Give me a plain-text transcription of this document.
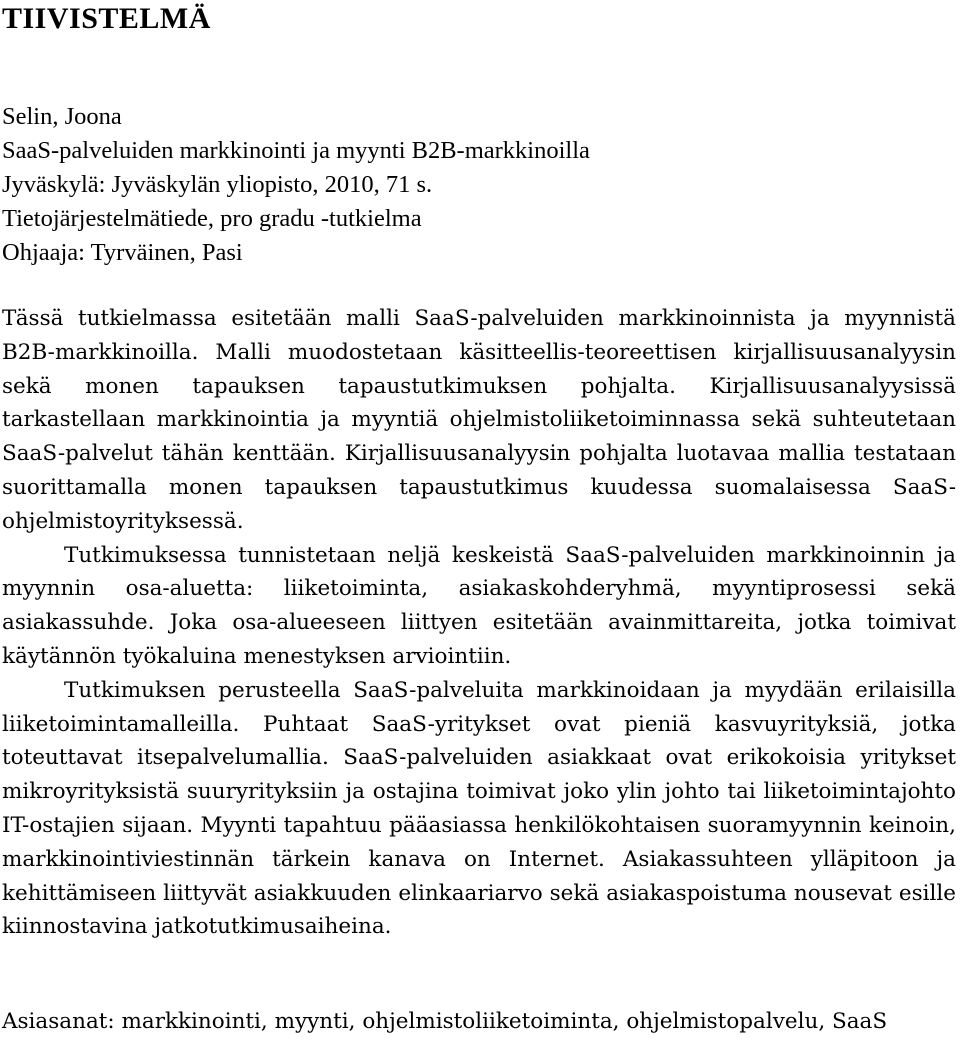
TIIVISTELMÄ
Selin, Joona
SaaS-palveluiden markkinointi ja myynti B2B-markkinoilla
Jyväskylä: Jyväskylän yliopisto, 2010, 71 s.
Tietojärjestelmätiede, pro gradu -tutkielma
Ohjaaja: Tyrväinen, Pasi

Tässä tutkielmassa esitetään malli SaaS-palveluiden markkinoinnista ja myynnistä B2B-markkinoilla. Malli muodostetaan käsitteellis-teoreettisen kirjallisuusanalyysin sekä monen tapauksen tapaustutkimuksen pohjalta. Kirjallisuusanalyysissä tarkastellaan markkinointia ja myyntiä ohjelmistoliiketoiminnassa sekä suhteutetaan SaaS-palvelut tähän kenttään. Kirjallisuusanalyysin pohjalta luotavaa mallia testataan suorittamalla monen tapauksen tapaustutkimus kuudessa suomalaisessa SaaS-ohjelmistoyrityksessä.

Tutkimuksessa tunnistetaan neljä keskeistä SaaS-palveluiden markkinoinnin ja myynnin osa-aluetta: liiketoiminta, asiakaskohderyhmä, myyntiprosessi sekä asiakassuhde. Joka osa-alueeseen liittyen esitetään avainmittareita, jotka toimivat käytännön työkaluina menestyksen arviointiin.

Tutkimuksen perusteella SaaS-palveluita markkinoidaan ja myydään erilaisilla liiketoimintamalleilla. Puhtaat SaaS-yritykset ovat pieniä kasvuyrityksiä, jotka toteuttavat itsepalvelumallia. SaaS-palveluiden asiakkaat ovat erikokoisia yritykset mikroyrityksistä suuryrityksiin ja ostajina toimivat joko ylin johto tai liiketoimintajohto IT-ostajien sijaan. Myynti tapahtuu pääasiassa henkilökohtaisen suoramyynnin keinoin, markkinointiviestinnän tärkein kanava on Internet. Asiakassuhteen ylläpitoon ja kehittämiseen liittyvät asiakkuuden elinkaariarvo sekä asiakaspoistuma nousevat esille kiinnostavina jatkotutkimusaiheina.

Asiasanat: markkinointi, myynti, ohjelmistoliiketoiminta, ohjelmistopalvelu, SaaS
